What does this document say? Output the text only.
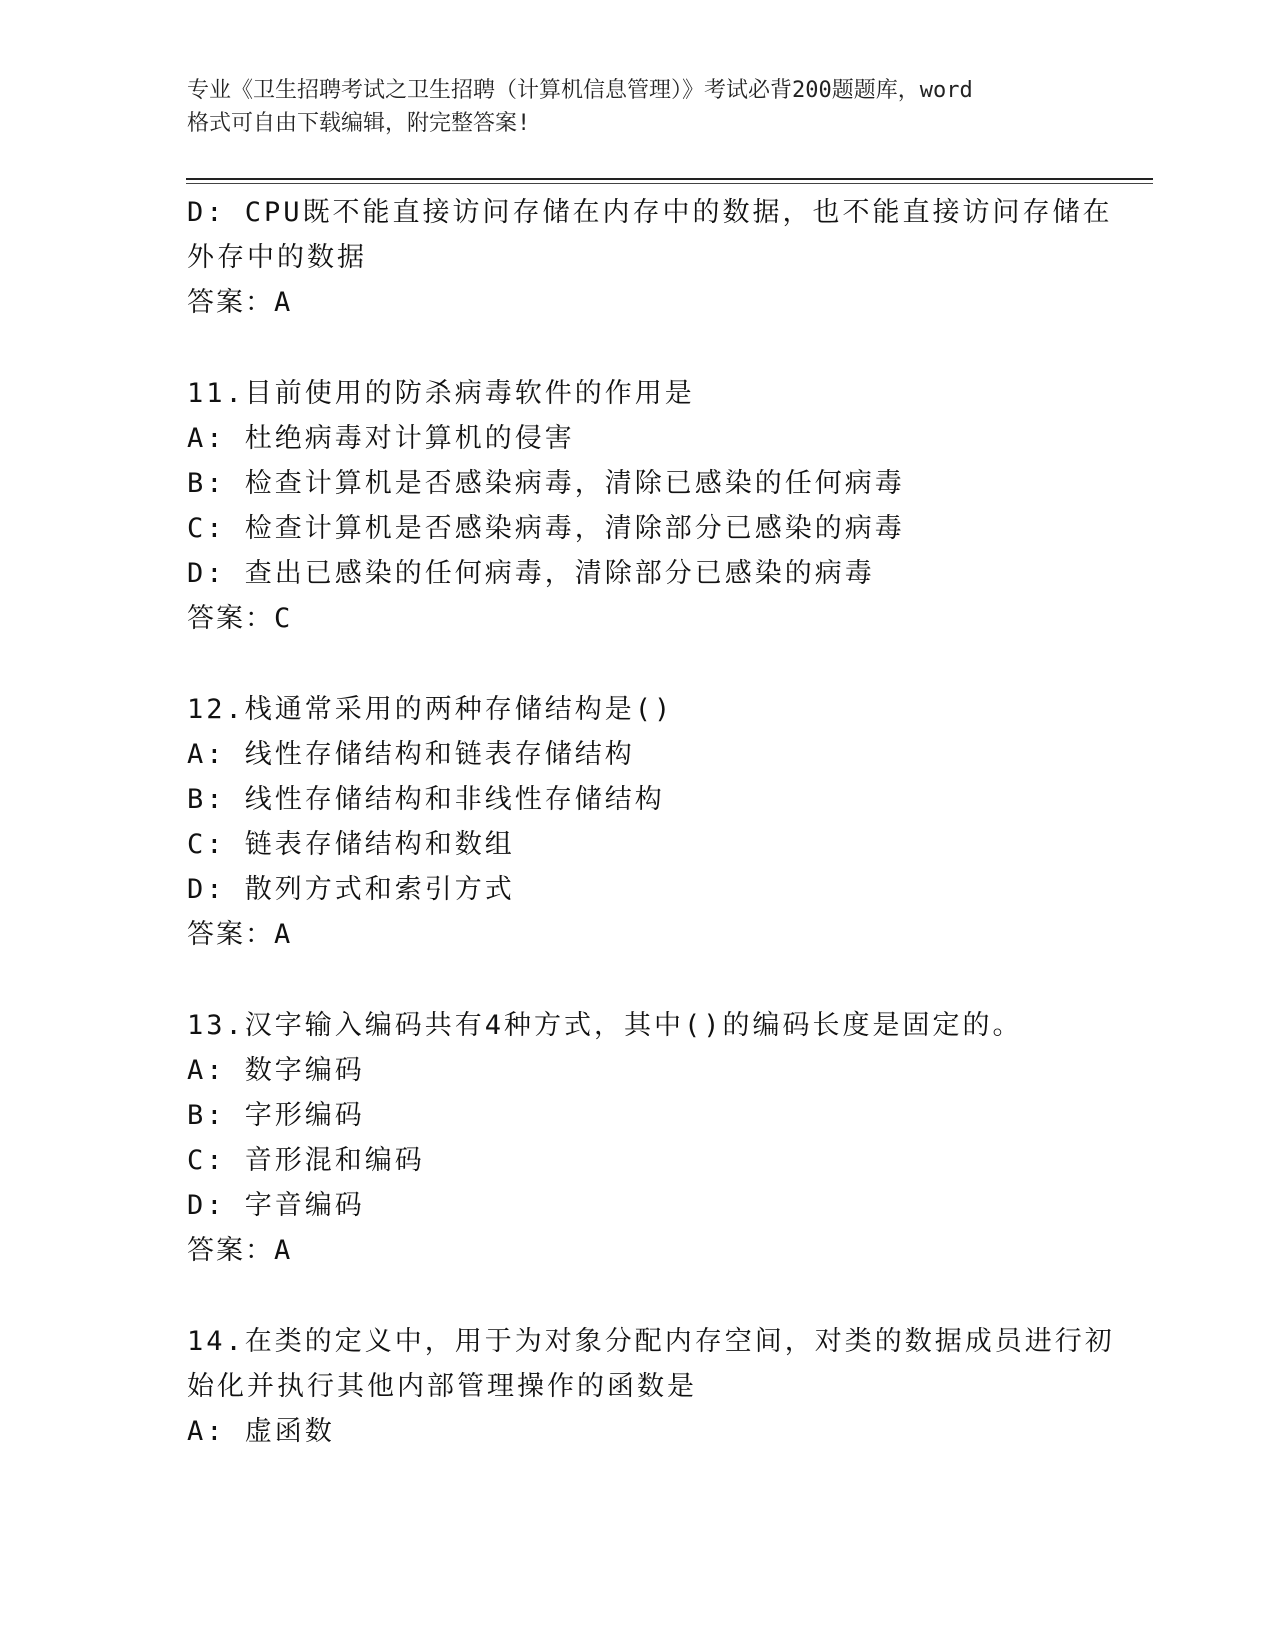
专业《卫生招聘考试之卫生招聘（计算机信息管理）》考试必背200题题库，word
格式可自由下载编辑，附完整答案!
D: CPU既不能直接访问存储在内存中的数据，也不能直接访问存储在
外存中的数据
答案：A
11.目前使用的防杀病毒软件的作用是
A: 杜绝病毒对计算机的侵害
B: 检查计算机是否感染病毒，清除已感染的任何病毒
C: 检查计算机是否感染病毒，清除部分已感染的病毒
D: 查出已感染的任何病毒，清除部分已感染的病毒
答案：C
12.栈通常采用的两种存储结构是()
A: 线性存储结构和链表存储结构
B: 线性存储结构和非线性存储结构
C: 链表存储结构和数组
D: 散列方式和索引方式
答案：A
13.汉字输入编码共有4种方式，其中()的编码长度是固定的。
A: 数字编码
B: 字形编码
C: 音形混和编码
D: 字音编码
答案：A
14.在类的定义中，用于为对象分配内存空间，对类的数据成员进行初
始化并执行其他内部管理操作的函数是
A: 虚函数
